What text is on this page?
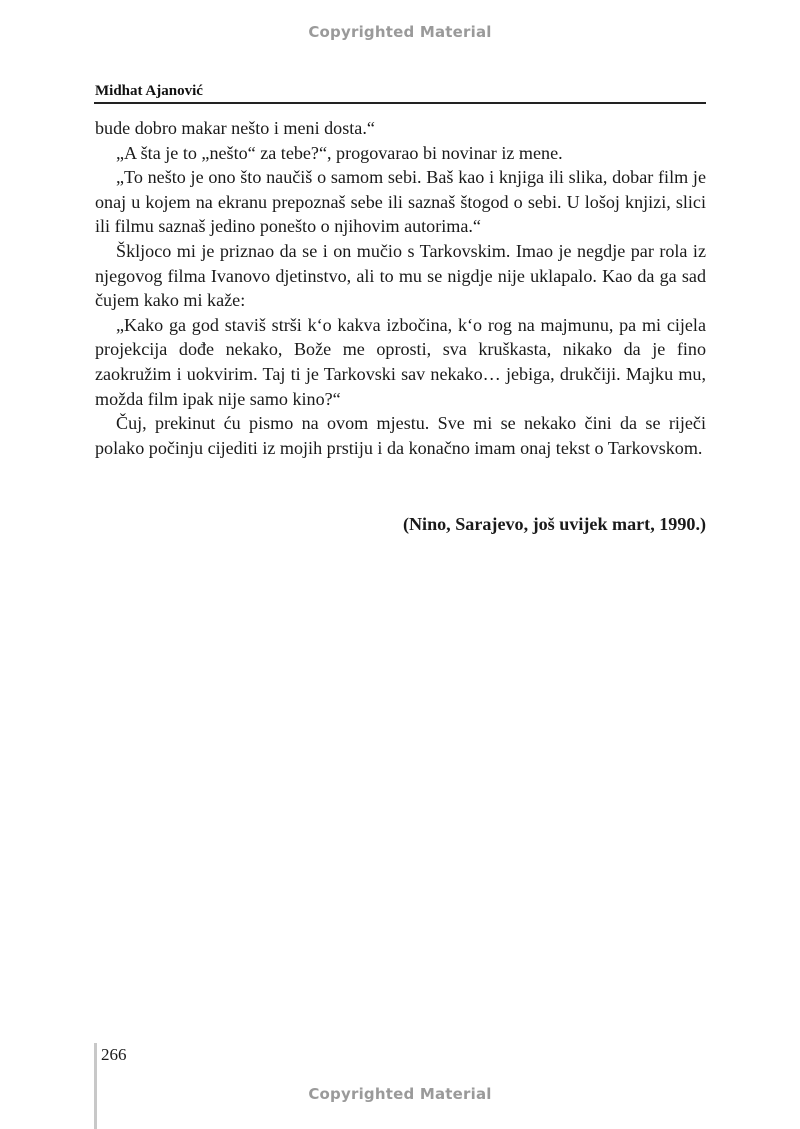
Copyrighted Material
Midhat Ajanović

bude dobro makar nešto i meni dosta.“

„A šta je to „nešto“ za tebe?“, progovarao bi novinar iz mene.

„To nešto je ono što naučiš o samom sebi. Baš kao i knjiga ili slika, dobar film je onaj u kojem na ekranu prepoznaš sebe ili saznaš štogod o sebi. U lošoj knjizi, slici ili filmu saznaš jedino ponešto o njihovim autorima.“

Škljoco mi je priznao da se i on mučio s Tarkovskim. Imao je negdje par rola iz njegovog filma Ivanovo djetinstvo, ali to mu se nigdje nije uklapalo. Kao da ga sad čujem kako mi kaže:

„Kako ga god staviš strši k‘o kakva izbočina, k‘o rog na majmunu, pa mi cijela projekcija dođe nekako, Bože me oprosti, sva kruškasta, nikako da je fino zaokružim i uokvirim. Taj ti je Tarkovski sav nekako… jebiga, drukčiji. Majku mu, možda film ipak nije samo kino?“

Čuj, prekinut ću pismo na ovom mjestu. Sve mi se nekako čini da se riječi polako počinju cijediti iz mojih prstiju i da konačno imam onaj tekst o Tarkovskom.

(Nino, Sarajevo, još uvijek mart, 1990.)
266
Copyrighted Material
